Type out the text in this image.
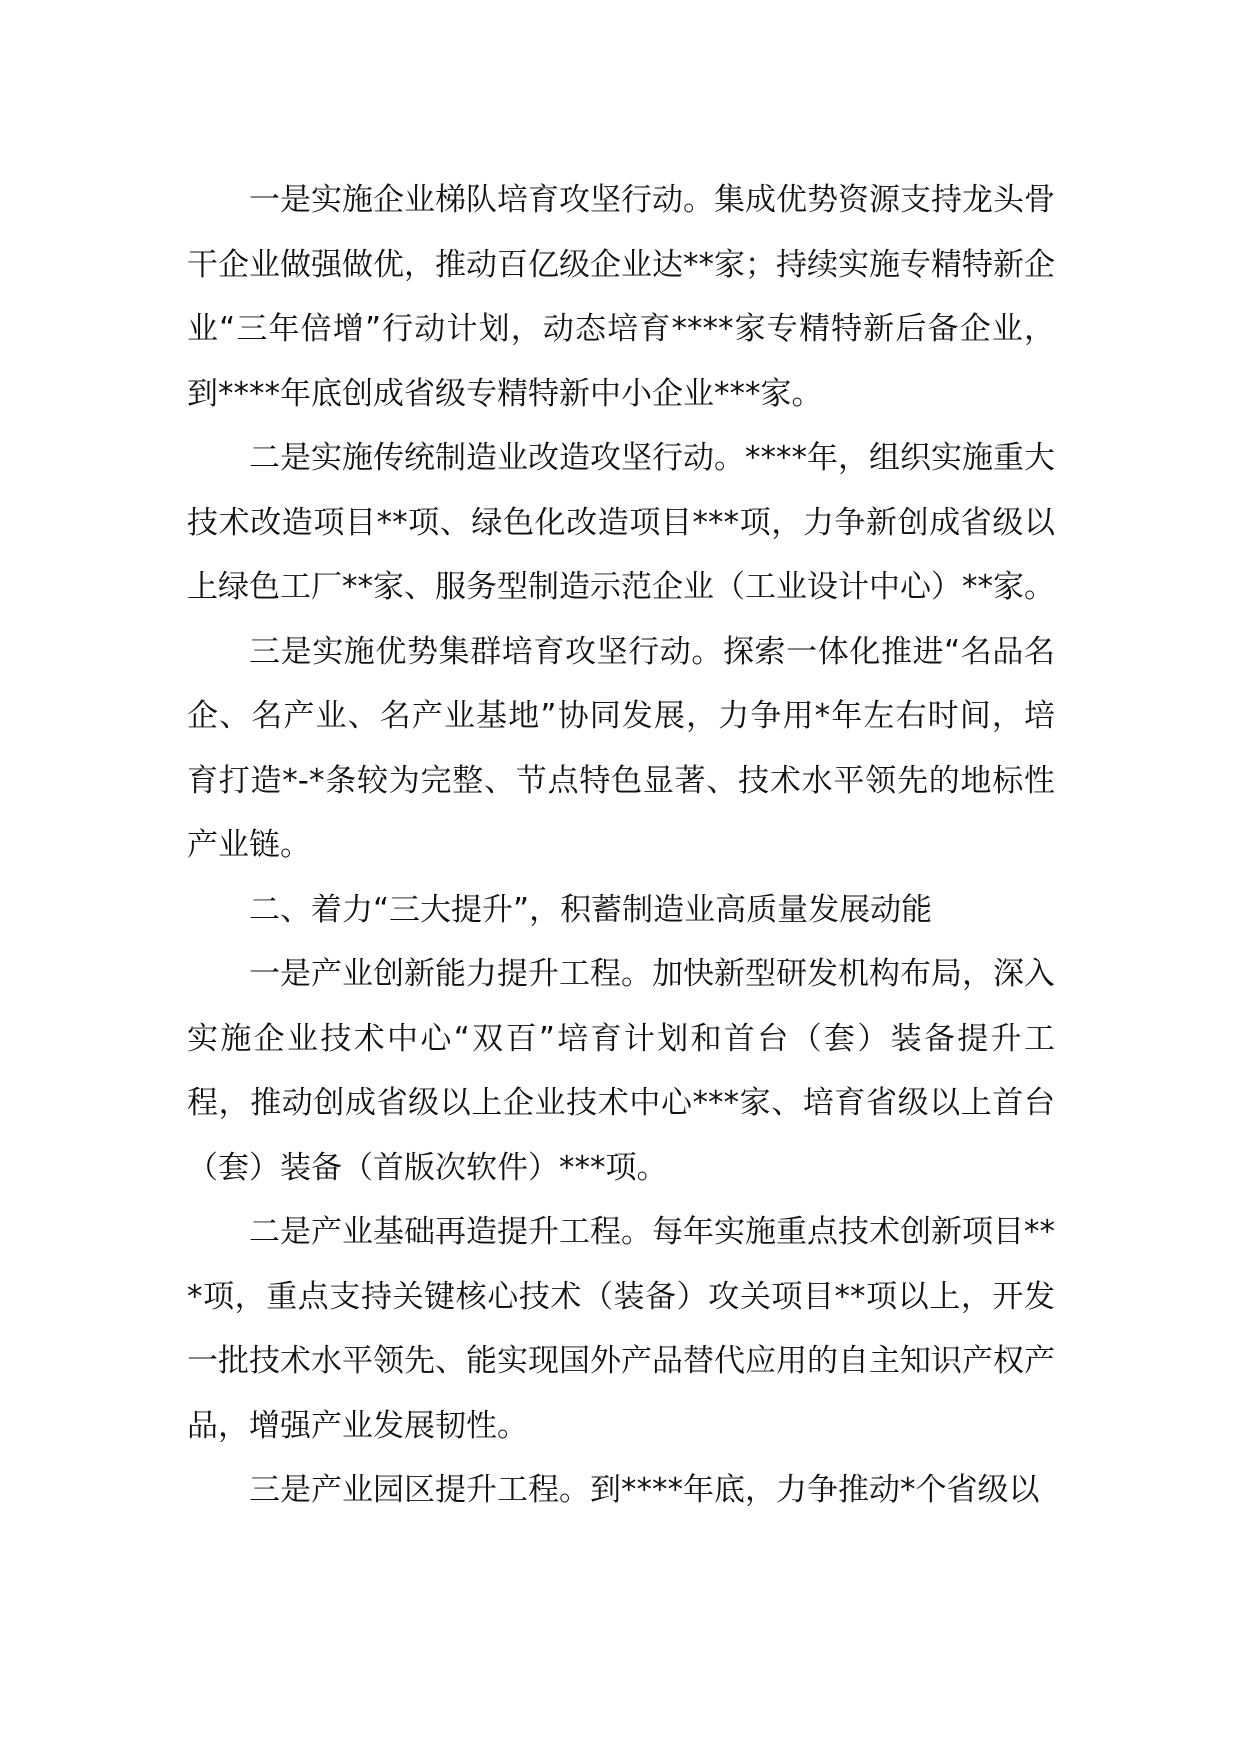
一是实施企业梯队培育攻坚行动。集成优势资源支持龙头骨干企业做强做优，推动百亿级企业达**家；持续实施专精特新企业“三年倍增”行动计划，动态培育****家专精特新后备企业，到****年底创成省级专精特新中小企业***家。

二是实施传统制造业改造攻坚行动。****年，组织实施重大技术改造项目**项、绿色化改造项目***项，力争新创成省级以上绿色工厂**家、服务型制造示范企业（工业设计中心）**家。

三是实施优势集群培育攻坚行动。探索一体化推进“名品名企、名产业、名产业基地”协同发展，力争用*年左右时间，培育打造*-*条较为完整、节点特色显著、技术水平领先的地标性产业链。

二、着力“三大提升”，积蓄制造业高质量发展动能

一是产业创新能力提升工程。加快新型研发机构布局，深入实施企业技术中心“双百”培育计划和首台（套）装备提升工程，推动创成省级以上企业技术中心***家、培育省级以上首台（套）装备（首版次软件）***项。

二是产业基础再造提升工程。每年实施重点技术创新项目***项，重点支持关键核心技术（装备）攻关项目**项以上，开发一批技术水平领先、能实现国外产品替代应用的自主知识产权产品，增强产业发展韧性。

三是产业园区提升工程。到****年底，力争推动*个省级以
